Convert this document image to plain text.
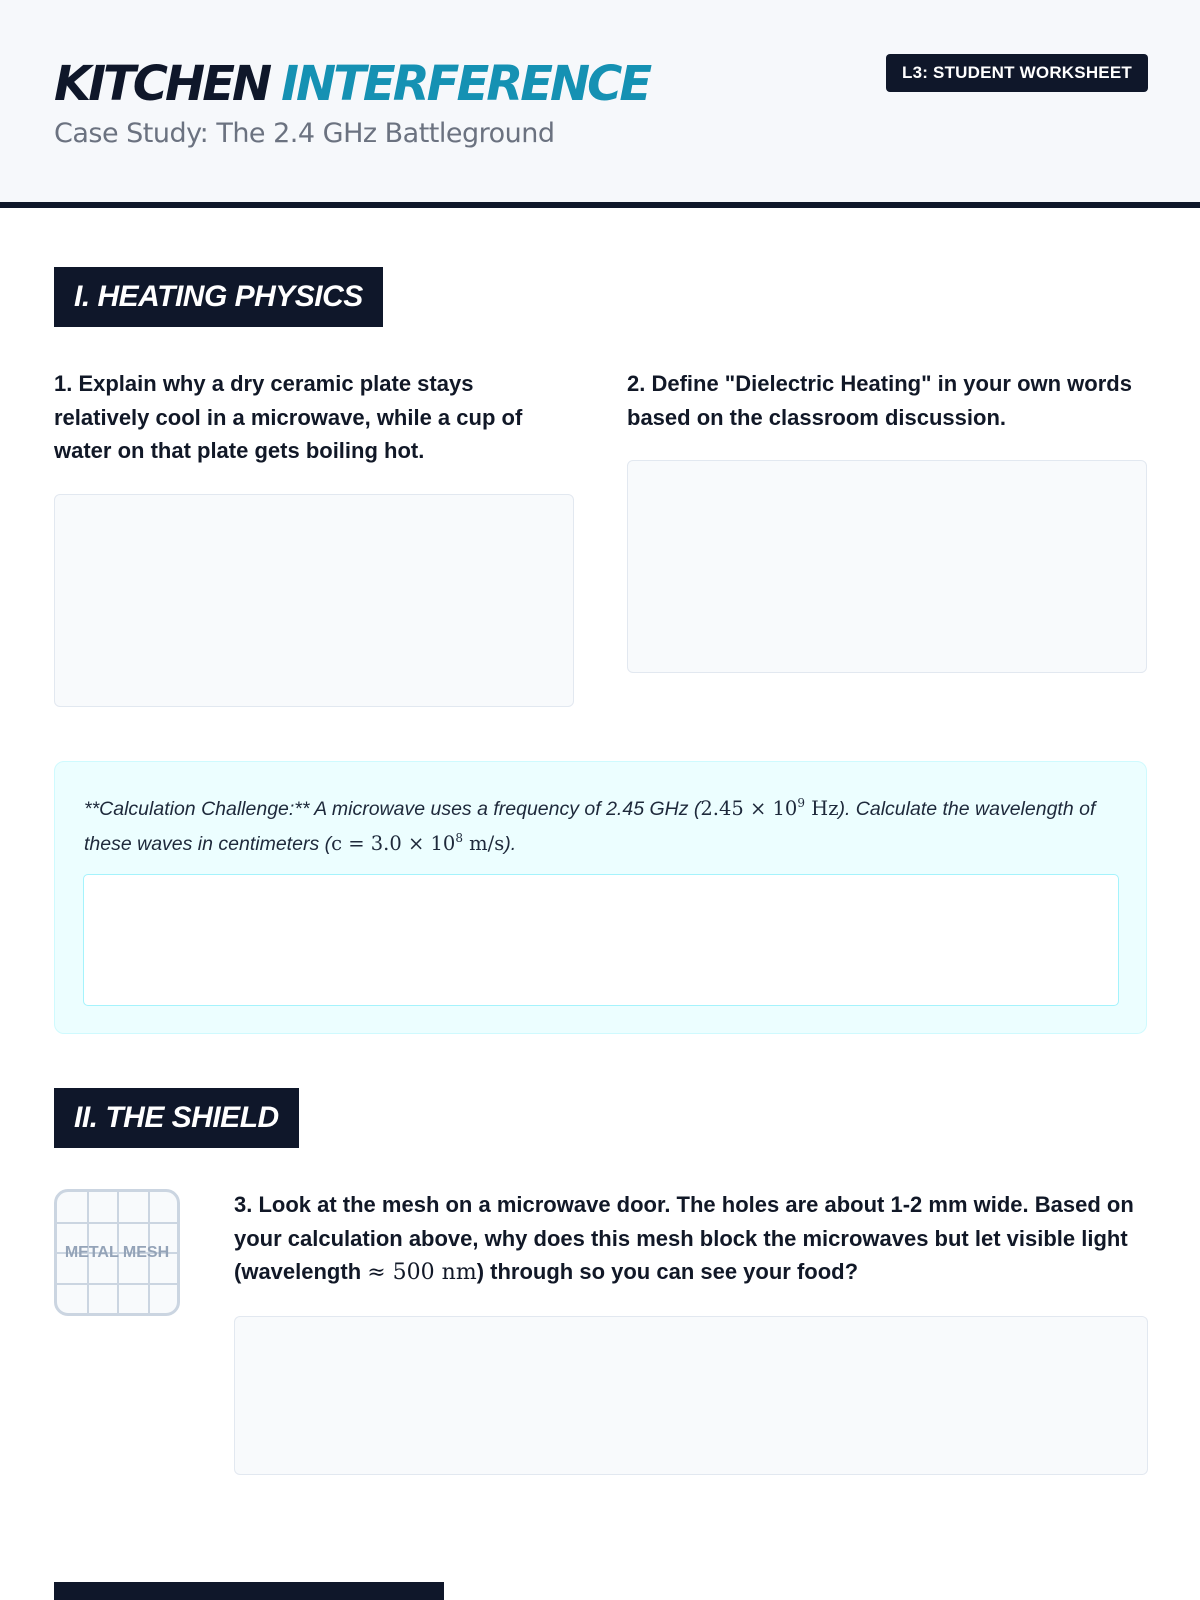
KITCHEN INTERFERENCE
Case Study: The 2.4 GHz Battleground
L3: STUDENT WORKSHEET
I. HEATING PHYSICS
1. Explain why a dry ceramic plate stays relatively cool in a microwave, while a cup of water on that plate gets boiling hot.
2. Define "Dielectric Heating" in your own words based on the classroom discussion.
**Calculation Challenge:** A microwave uses a frequency of 2.45 GHz ($2.45 \times 10^9$ Hz). Calculate the wavelength of these waves in centimeters ($c = 3.0 \times 10^8$ m/s).
II. THE SHIELD
METAL MESH
3. Look at the mesh on a microwave door. The holes are about 1-2 mm wide. Based on your calculation above, why does this mesh block the microwaves but let visible light (wavelength ≈ 500 nm) through so you can see your food?
